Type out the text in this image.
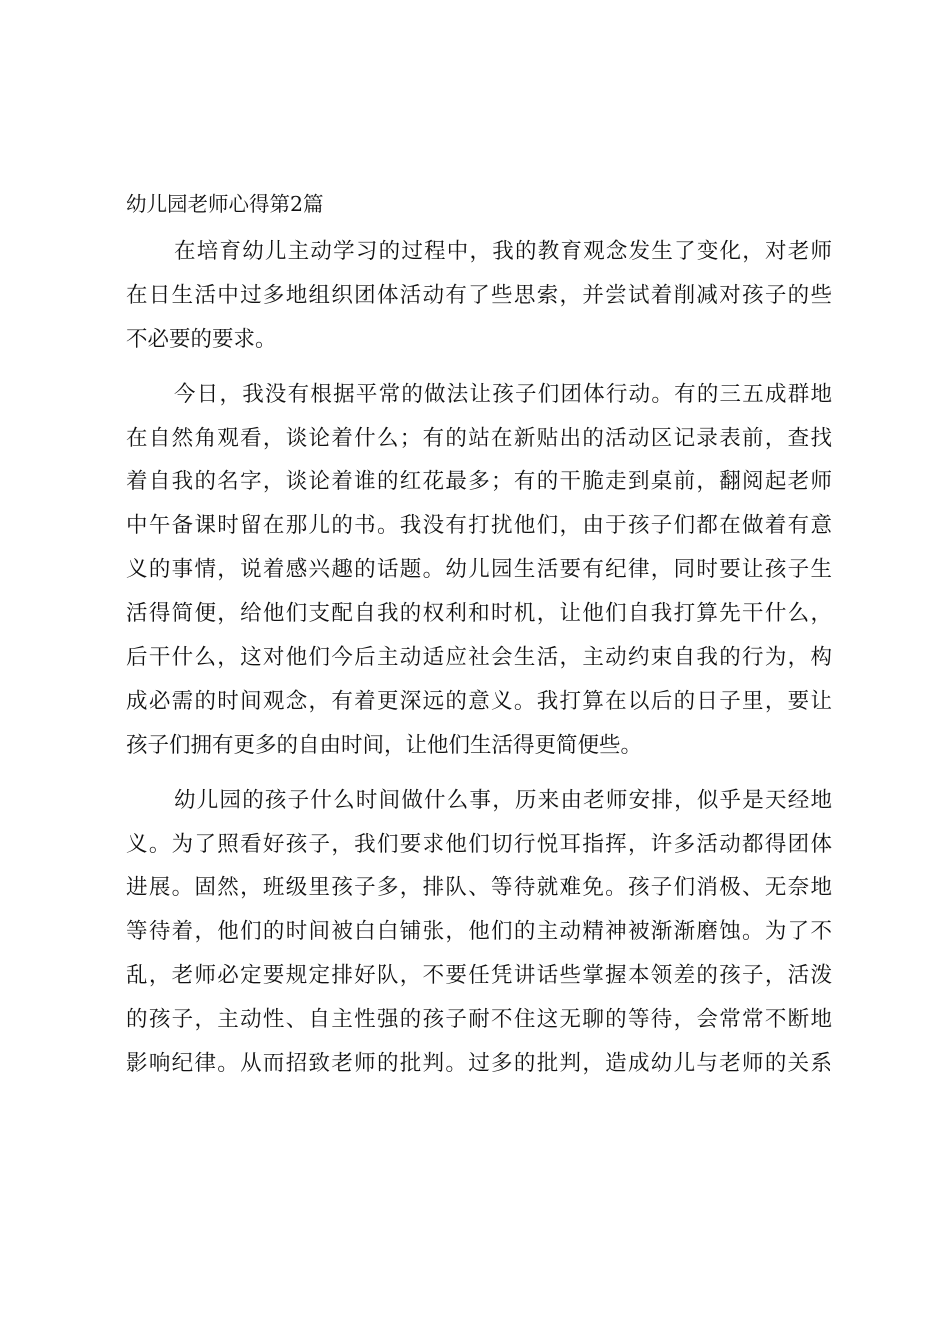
幼儿园老师心得第2篇
在培育幼儿主动学习的过程中，我的教育观念发生了变化，对老师
在日生活中过多地组织团体活动有了些思索，并尝试着削减对孩子的些
不必要的要求。
今日，我没有根据平常的做法让孩子们团体行动。有的三五成群地
在自然角观看，谈论着什么；有的站在新贴出的活动区记录表前，查找
着自我的名字，谈论着谁的红花最多；有的干脆走到桌前，翻阅起老师
中午备课时留在那儿的书。我没有打扰他们，由于孩子们都在做着有意
义的事情，说着感兴趣的话题。幼儿园生活要有纪律，同时要让孩子生
活得简便，给他们支配自我的权利和时机，让他们自我打算先干什么，
后干什么，这对他们今后主动适应社会生活，主动约束自我的行为，构
成必需的时间观念，有着更深远的意义。我打算在以后的日子里，要让
孩子们拥有更多的自由时间，让他们生活得更简便些。
幼儿园的孩子什么时间做什么事，历来由老师安排，似乎是天经地
义。为了照看好孩子，我们要求他们切行悦耳指挥，许多活动都得团体
进展。固然，班级里孩子多，排队、等待就难免。孩子们消极、无奈地
等待着，他们的时间被白白铺张，他们的主动精神被渐渐磨蚀。为了不
乱，老师必定要规定排好队，不要任凭讲话些掌握本领差的孩子，活泼
的孩子，主动性、自主性强的孩子耐不住这无聊的等待，会常常不断地
影响纪律。从而招致老师的批判。过多的批判，造成幼儿与老师的关系
